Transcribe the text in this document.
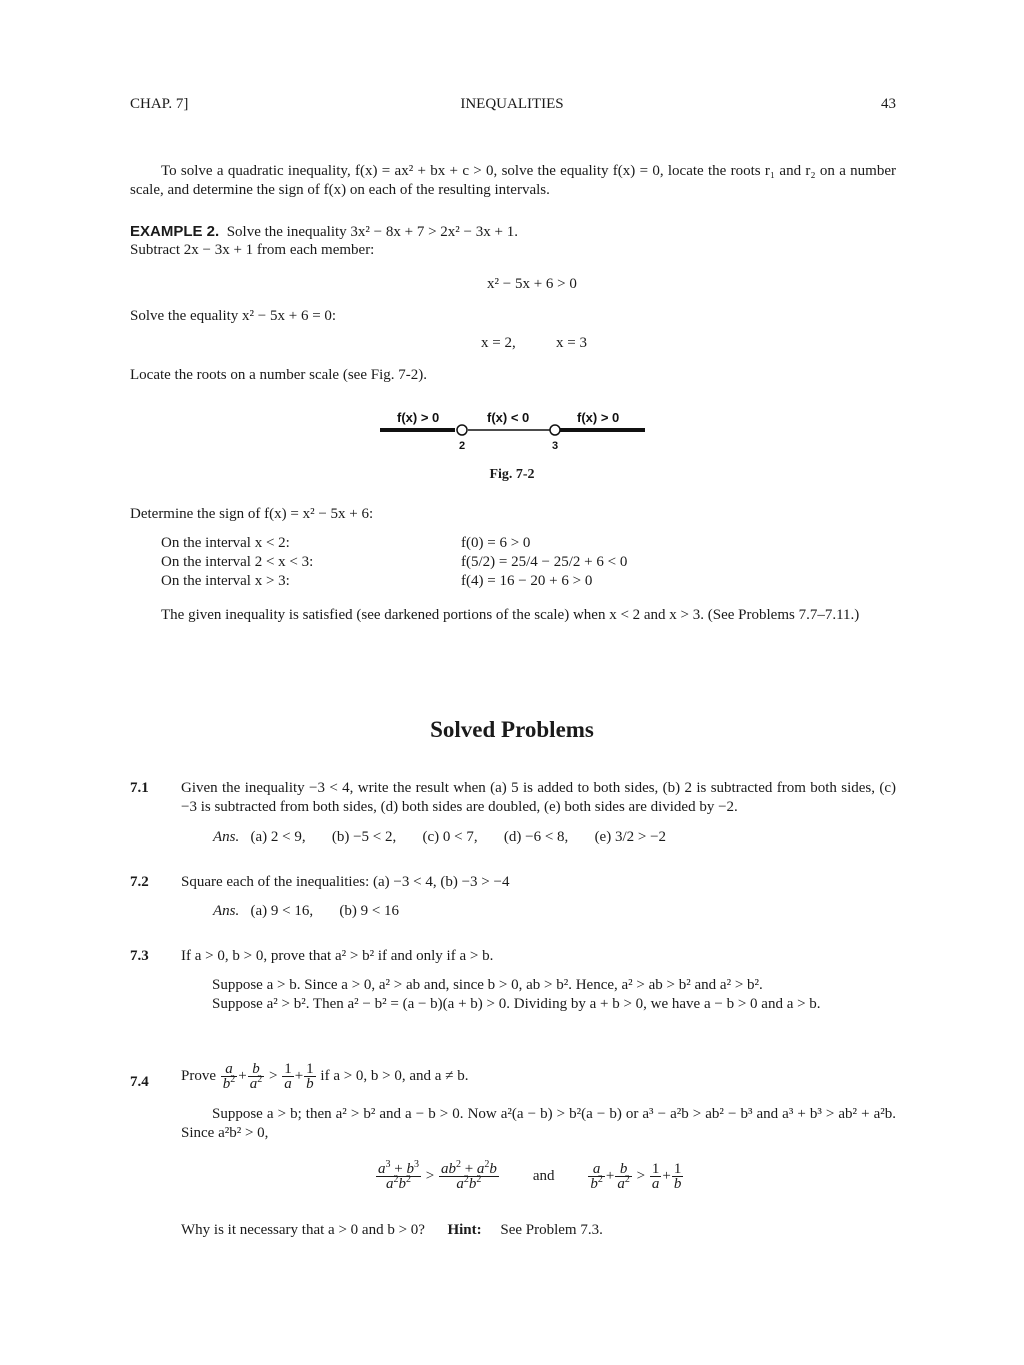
CHAP. 7]	INEQUALITIES	43
To solve a quadratic inequality, f(x) = ax² + bx + c > 0, solve the equality f(x) = 0, locate the roots r₁ and r₂ on a number scale, and determine the sign of f(x) on each of the resulting intervals.
EXAMPLE 2. Solve the inequality 3x² − 8x + 7 > 2x² − 3x + 1.
Subtract 2x − 3x + 1 from each member:
x² − 5x + 6 > 0
Solve the equality x² − 5x + 6 = 0:
x = 2,	x = 3
Locate the roots on a number scale (see Fig. 7-2).
f(x) > 0	f(x) < 0	f(x) > 0
2	3
Fig. 7-2
Determine the sign of f(x) = x² − 5x + 6:
On the interval x < 2:	f(0) = 6 > 0
On the interval 2 < x < 3:	f(5/2) = 25/4 − 25/2 + 6 < 0
On the interval x > 3:	f(4) = 16 − 20 + 6 > 0
The given inequality is satisfied (see darkened portions of the scale) when x < 2 and x > 3. (See Problems 7.7–7.11.)
Solved Problems
7.1 Given the inequality −3 < 4, write the result when (a) 5 is added to both sides, (b) 2 is subtracted from both sides, (c) −3 is subtracted from both sides, (d) both sides are doubled, (e) both sides are divided by −2.
Ans. (a) 2 < 9, (b) −5 < 2, (c) 0 < 7, (d) −6 < 8, (e) 3/2 > −2
7.2 Square each of the inequalities: (a) −3 < 4, (b) −3 > −4
Ans. (a) 9 < 16, (b) 9 < 16
7.3 If a > 0, b > 0, prove that a² > b² if and only if a > b.
Suppose a > b. Since a > 0, a² > ab and, since b > 0, ab > b². Hence, a² > ab > b² and a² > b².
Suppose a² > b². Then a² − b² = (a − b)(a + b) > 0. Dividing by a + b > 0, we have a − b > 0 and a > b.
7.4 Prove $\frac{a}{b^2} + \frac{b}{a^2} > \frac{1}{a} + \frac{1}{b}$ if a > 0, b > 0, and a ≠ b.
Suppose a > b; then a² > b² and a − b > 0. Now a²(a − b) > b²(a − b) or a³ − a²b > ab² − b³ and a³ + b³ > ab² + a²b. Since a²b² > 0,
$\frac{a^3 + b^3}{a^2b^2} > \frac{ab^2 + a^2b}{a^2b^2}$ and $\frac{a}{b^2} + \frac{b}{a^2} > \frac{1}{a} + \frac{1}{b}$
Why is it necessary that a > 0 and b > 0? Hint: See Problem 7.3.
